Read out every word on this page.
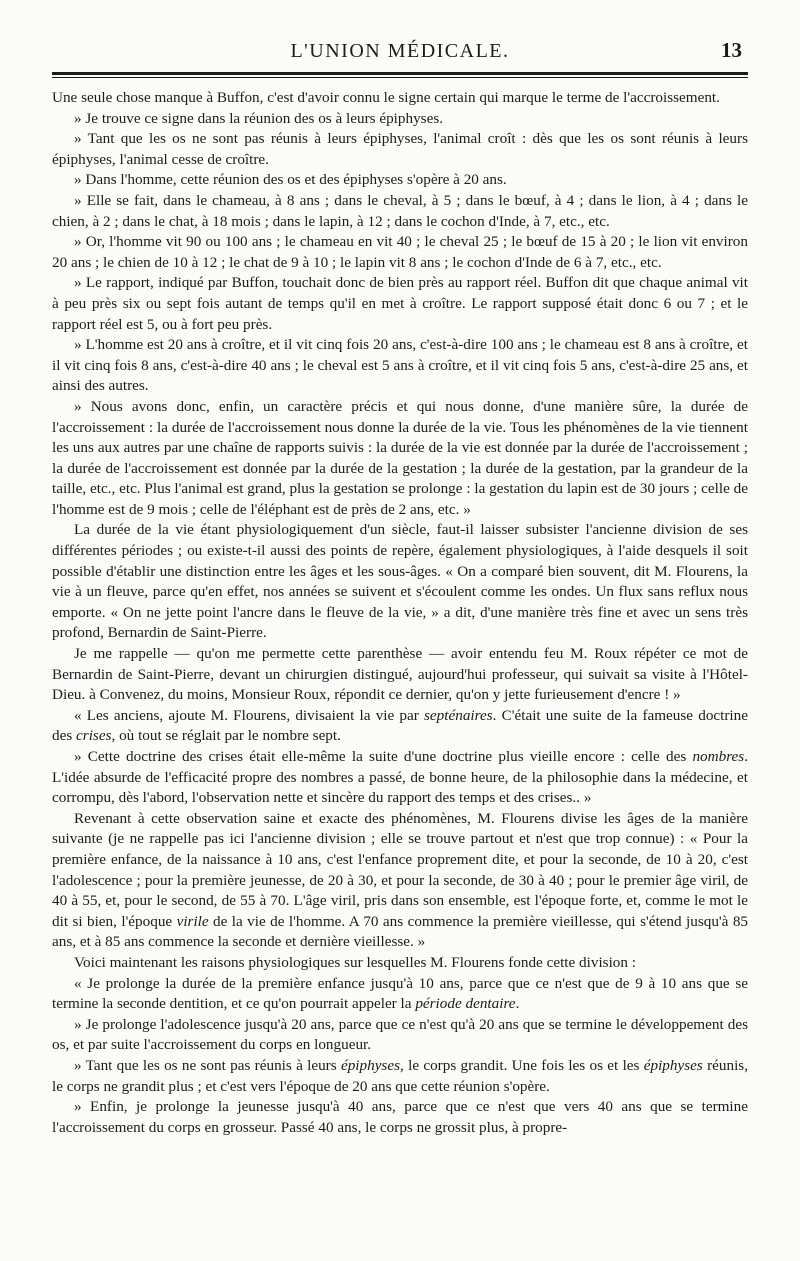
L'UNION MÉDICALE.	13

Une seule chose manque à Buffon, c'est d'avoir connu le signe certain qui marque le terme de l'accroissement.

» Je trouve ce signe dans la réunion des os à leurs épiphyses.

» Tant que les os ne sont pas réunis à leurs épiphyses, l'animal croît : dès que les os sont réunis à leurs épiphyses, l'animal cesse de croître.

» Dans l'homme, cette réunion des os et des épiphyses s'opère à 20 ans.

» Elle se fait, dans le chameau, à 8 ans ; dans le cheval, à 5 ; dans le bœuf, à 4 ; dans le lion, à 4 ; dans le chien, à 2 ; dans le chat, à 18 mois ; dans le lapin, à 12 ; dans le cochon d'Inde, à 7, etc., etc.

» Or, l'homme vit 90 ou 100 ans ; le chameau en vit 40 ; le cheval 25 ; le bœuf de 15 à 20 ; le lion vit environ 20 ans ; le chien de 10 à 12 ; le chat de 9 à 10 ; le lapin vit 8 ans ; le cochon d'Inde de 6 à 7, etc., etc.

» Le rapport, indiqué par Buffon, touchait donc de bien près au rapport réel. Buffon dit que chaque animal vit à peu près six ou sept fois autant de temps qu'il en met à croître. Le rapport supposé était donc 6 ou 7 ; et le rapport réel est 5, ou à fort peu près.

» L'homme est 20 ans à croître, et il vit cinq fois 20 ans, c'est-à-dire 100 ans ; le chameau est 8 ans à croître, et il vit cinq fois 8 ans, c'est-à-dire 40 ans ; le cheval est 5 ans à croître, et il vit cinq fois 5 ans, c'est-à-dire 25 ans, et ainsi des autres.

» Nous avons donc, enfin, un caractère précis et qui nous donne, d'une manière sûre, la durée de l'accroissement : la durée de l'accroissement nous donne la durée de la vie. Tous les phénomènes de la vie tiennent les uns aux autres par une chaîne de rapports suivis : la durée de la vie est donnée par la durée de l'accroissement ; la durée de l'accroissement est donnée par la durée de la gestation ; la durée de la gestation, par la grandeur de la taille, etc., etc. Plus l'animal est grand, plus la gestation se prolonge : la gestation du lapin est de 30 jours ; celle de l'homme est de 9 mois ; celle de l'éléphant est de près de 2 ans, etc. »

La durée de la vie étant physiologiquement d'un siècle, faut-il laisser subsister l'ancienne division de ses différentes périodes ; ou existe-t-il aussi des points de repère, également physiologiques, à l'aide desquels il soit possible d'établir une distinction entre les âges et les sous-âges. « On a comparé bien souvent, dit M. Flourens, la vie à un fleuve, parce qu'en effet, nos années se suivent et s'écoulent comme les ondes. Un flux sans reflux nous emporte. « On ne jette point l'ancre dans le fleuve de la vie, » a dit, d'une manière très fine et avec un sens très profond, Bernardin de Saint-Pierre.

Je me rappelle — qu'on me permette cette parenthèse — avoir entendu feu M. Roux répéter ce mot de Bernardin de Saint-Pierre, devant un chirurgien distingué, aujourd'hui professeur, qui suivait sa visite à l'Hôtel-Dieu. à Convenez, du moins, Monsieur Roux, répondit ce dernier, qu'on y jette furieusement d'encre ! »

« Les anciens, ajoute M. Flourens, divisaient la vie par septénaires. C'était une suite de la fameuse doctrine des crises, où tout se réglait par le nombre sept.

» Cette doctrine des crises était elle-même la suite d'une doctrine plus vieille encore : celle des nombres. L'idée absurde de l'efficacité propre des nombres a passé, de bonne heure, de la philosophie dans la médecine, et corrompu, dès l'abord, l'observation nette et sincère du rapport des temps et des crises.. »

Revenant à cette observation saine et exacte des phénomènes, M. Flourens divise les âges de la manière suivante (je ne rappelle pas ici l'ancienne division ; elle se trouve partout et n'est que trop connue) : « Pour la première enfance, de la naissance à 10 ans, c'est l'enfance proprement dite, et pour la seconde, de 10 à 20, c'est l'adolescence ; pour la première jeunesse, de 20 à 30, et pour la seconde, de 30 à 40 ; pour le premier âge viril, de 40 à 55, et, pour le second, de 55 à 70. L'âge viril, pris dans son ensemble, est l'époque forte, et, comme le mot le dit si bien, l'époque virile de la vie de l'homme. A 70 ans commence la première vieillesse, qui s'étend jusqu'à 85 ans, et à 85 ans commence la seconde et dernière vieillesse. »

Voici maintenant les raisons physiologiques sur lesquelles M. Flourens fonde cette division :

« Je prolonge la durée de la première enfance jusqu'à 10 ans, parce que ce n'est que de 9 à 10 ans que se termine la seconde dentition, et ce qu'on pourrait appeler la période dentaire.

» Je prolonge l'adolescence jusqu'à 20 ans, parce que ce n'est qu'à 20 ans que se termine le développement des os, et par suite l'accroissement du corps en longueur.

» Tant que les os ne sont pas réunis à leurs épiphyses, le corps grandit. Une fois les os et les épiphyses réunis, le corps ne grandit plus ; et c'est vers l'époque de 20 ans que cette réunion s'opère.

» Enfin, je prolonge la jeunesse jusqu'à 40 ans, parce que ce n'est que vers 40 ans que se termine l'accroissement du corps en grosseur. Passé 40 ans, le corps ne grossit plus, à propre-
